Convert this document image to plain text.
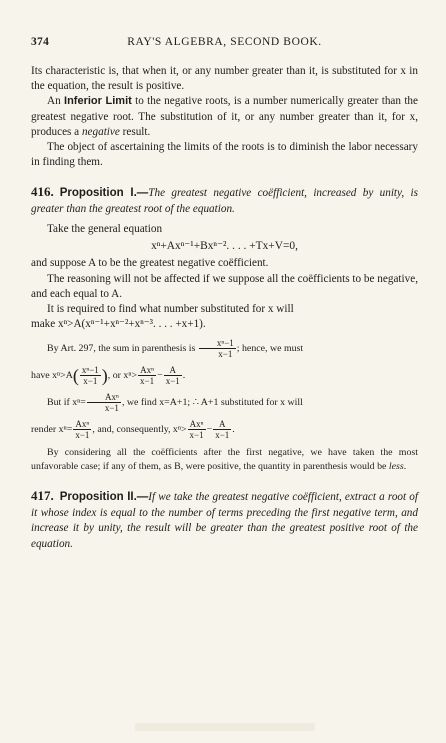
374	RAY'S ALGEBRA, SECOND BOOK.

Its characteristic is, that when it, or any number greater than it, is substituted for x in the equation, the result is positive.

An Inferior Limit to the negative roots, is a number numerically greater than the greatest negative root. The substitution of it, or any number greater than it, for x, produces a negative result.

The object of ascertaining the limits of the roots is to diminish the labor necessary in finding them.

416. Proposition I.—The greatest negative coëfficient, increased by unity, is greater than the greatest root of the equation.

Take the general equation

xⁿ+Axⁿ⁻¹+Bxⁿ⁻². . . . +Tx+V=0,

and suppose A to be the greatest negative coëfficient.

The reasoning will not be affected if we suppose all the coëfficients to be negative, and each equal to A.

It is required to find what number substituted for x will

make xⁿ>A(xⁿ⁻¹+xⁿ⁻²+xⁿ⁻³. . . . +x+1).

By Art. 297, the sum in parenthesis is $\frac{\text{xⁿ−1}}{x-1}$ ; hence, we must

have $x^n>A( \frac{\text{xⁿ−1}}{x-1}$ ), or $x^n> \frac{\text{Axⁿ}}{x-1} - \frac{A}{x-1}$ .

But if $x^n= \frac{\text{Axⁿ}}{x-1}$ , we find x=A+1; ∴ A+1 substituted for x will

render $x^n= \frac{\text{Axⁿ}}{x-1}$ , and, consequently, $x^n> \frac{\text{Axⁿ}}{x-1} - \frac{A}{x-1}$ .

By considering all the coëfficients after the first negative, we have taken the most unfavorable case; if any of them, as B, were positive, the quantity in parenthesis would be less.

417. Proposition II.—If we take the greatest negative coëfficient, extract a root of it whose index is equal to the number of terms preceding the first negative term, and increase it by unity, the result will be greater than the greatest positive root of the equation.
